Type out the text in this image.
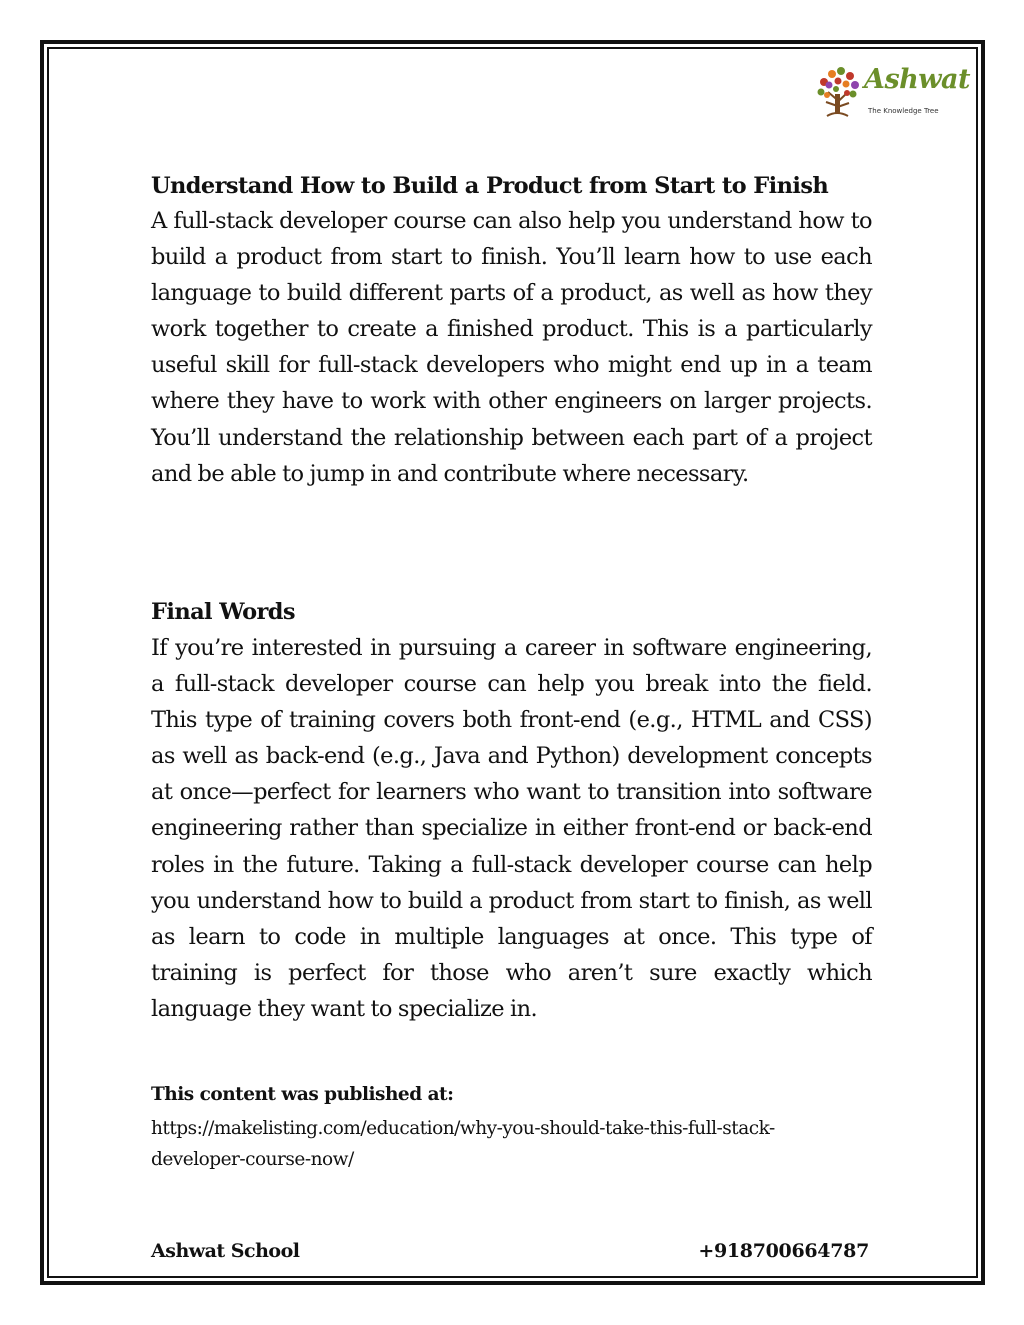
Ashwat
The Knowledge Tree
Understand How to Build a Product from Start to Finish
A full-stack developer course can also help you understand how to build a product from start to finish. You’ll learn how to use each language to build different parts of a product, as well as how they work together to create a finished product. This is a particularly useful skill for full-stack developers who might end up in a team where they have to work with other engineers on larger projects. You’ll understand the relationship between each part of a project and be able to jump in and contribute where necessary.
Final Words
If you’re interested in pursuing a career in software engineering, a full-stack developer course can help you break into the field. This type of training covers both front-end (e.g., HTML and CSS) as well as back-end (e.g., Java and Python) development concepts at once—perfect for learners who want to transition into software engineering rather than specialize in either front-end or back-end roles in the future. Taking a full-stack developer course can help you understand how to build a product from start to finish, as well as learn to code in multiple languages at once. This type of training is perfect for those who aren’t sure exactly which language they want to specialize in.
This content was published at:
https://makelisting.com/education/why-you-should-take-this-full-stack-developer-course-now/
Ashwat School	+918700664787
